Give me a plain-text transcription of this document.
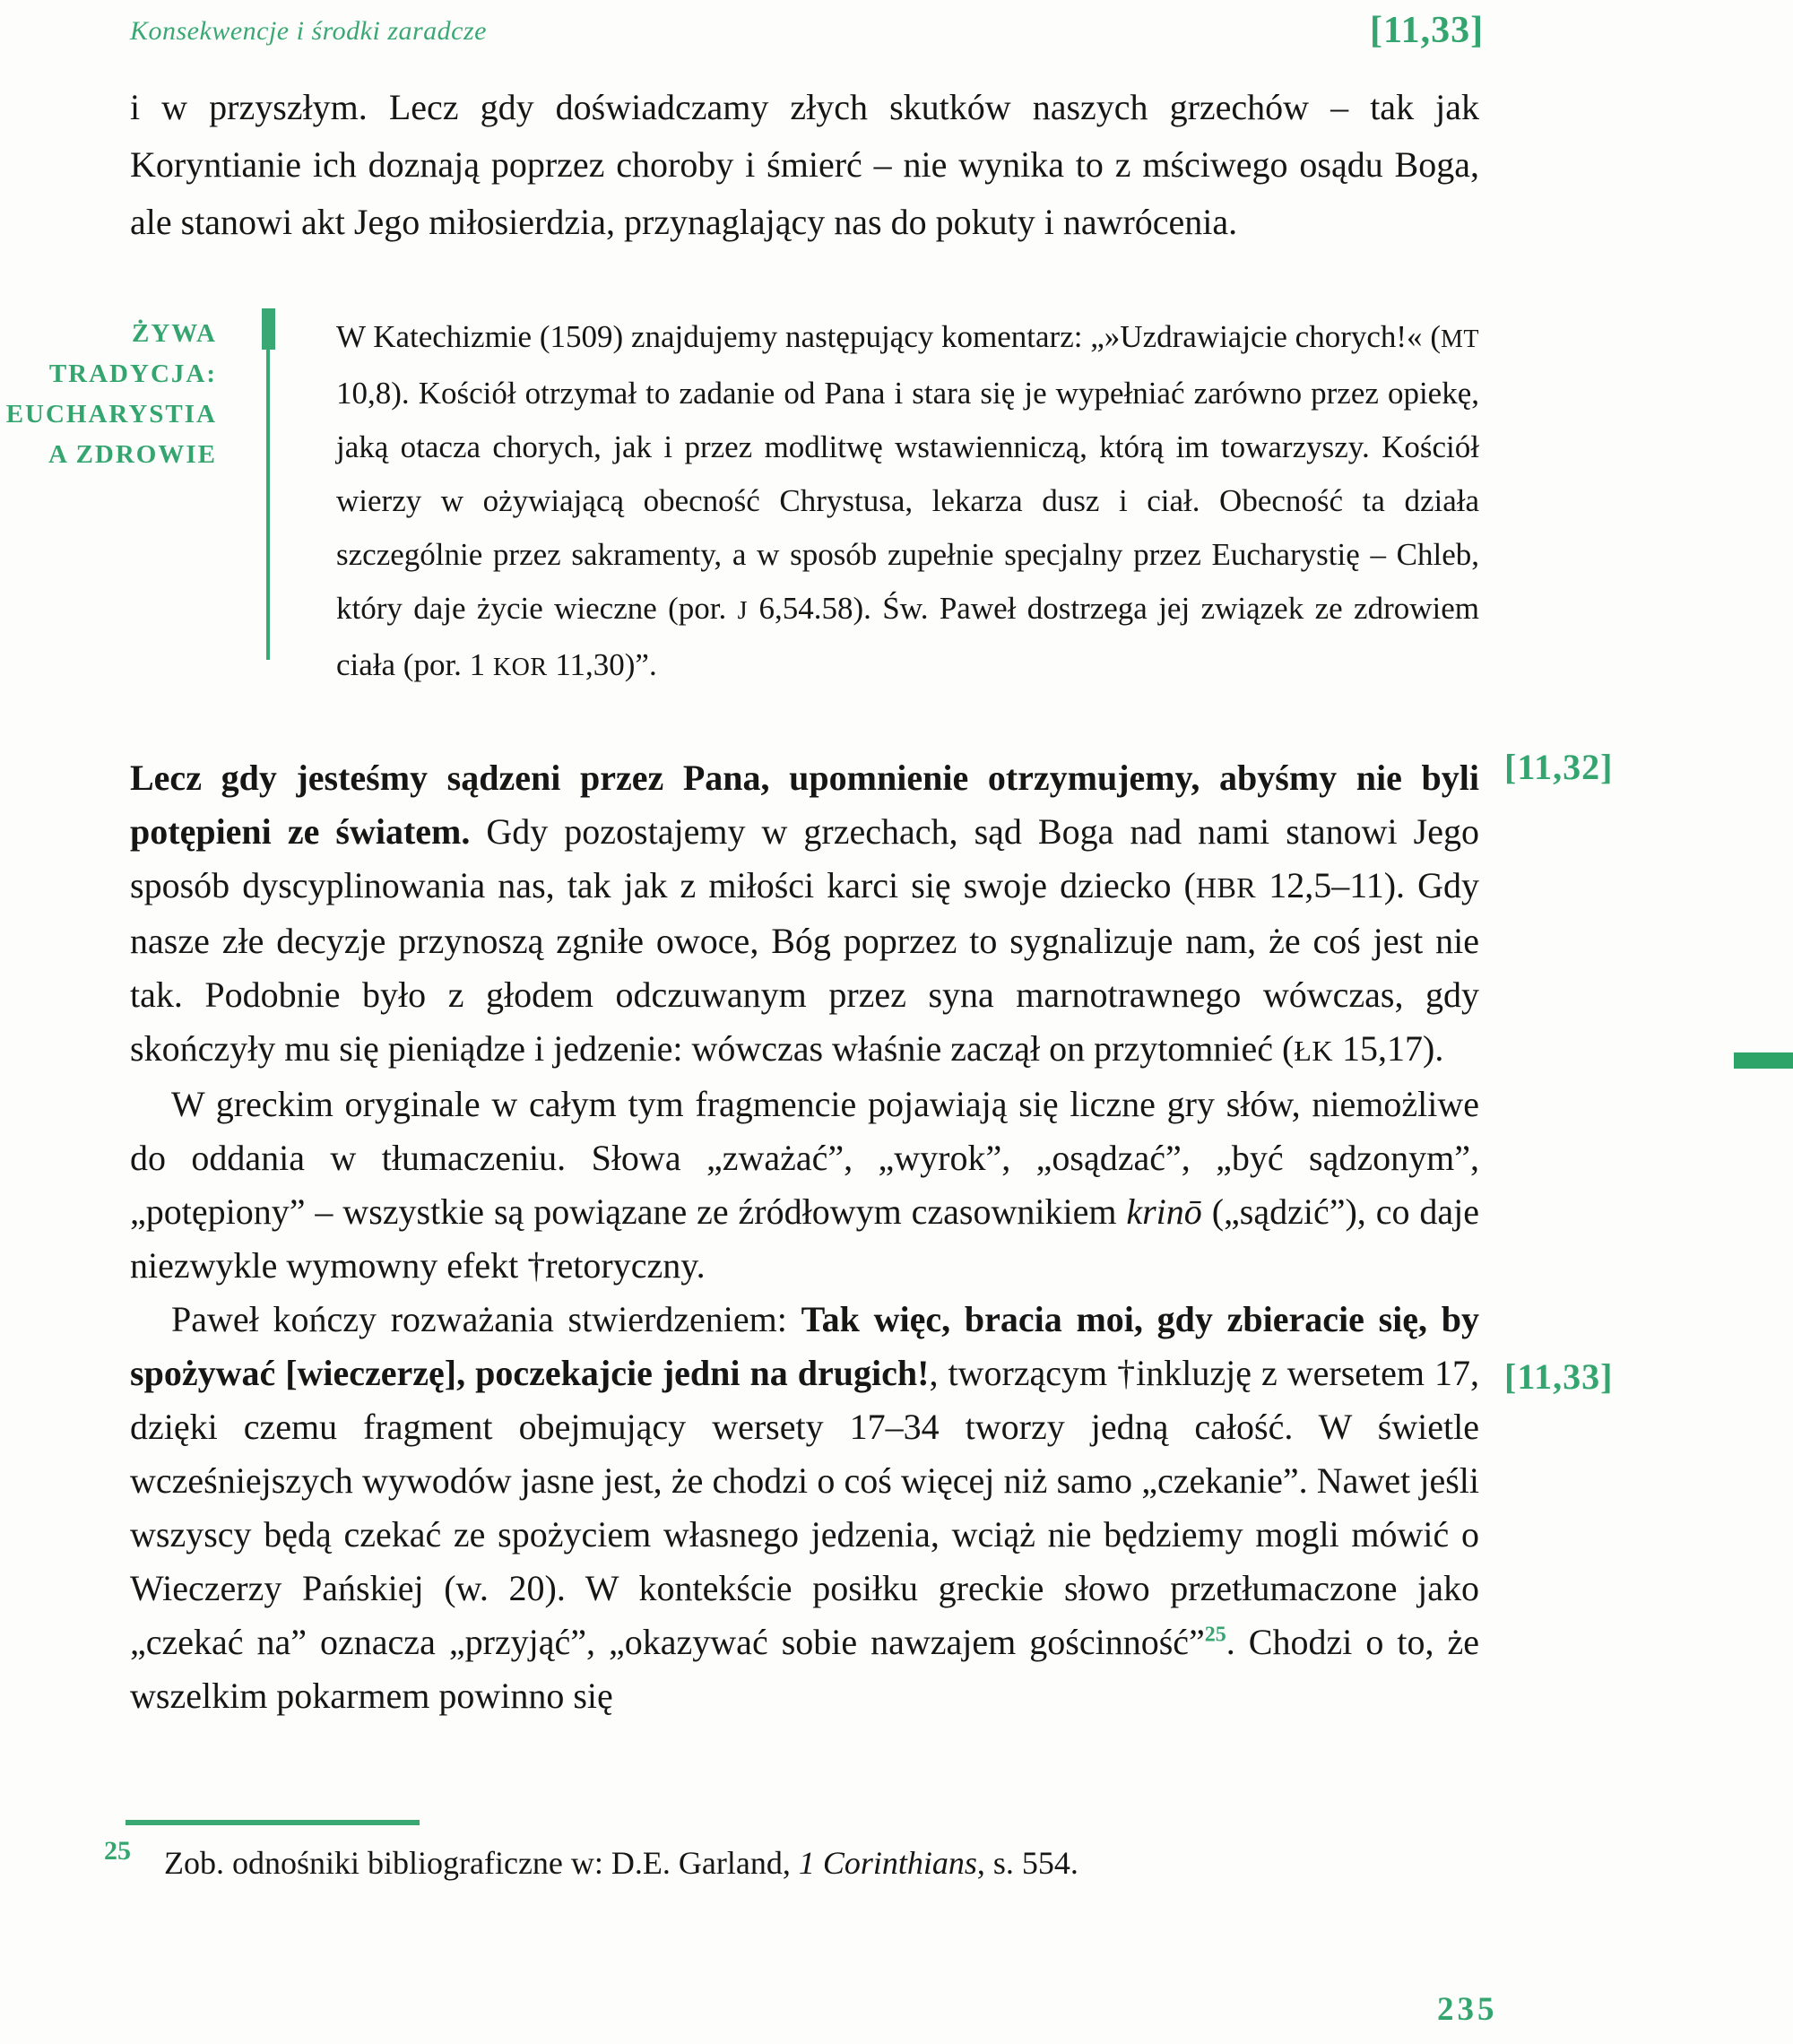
Konsekwencje i środki zaradcze	[11,33]

i w przyszłym. Lecz gdy doświadczamy złych skutków naszych grzechów – tak jak Koryntianie ich doznają poprzez choroby i śmierć – nie wynika to z mściwego osądu Boga, ale stanowi akt Jego miłosierdzia, przynaglający nas do pokuty i nawrócenia.

ŻYWA
TRADYCJA:
EUCHARYSTIA
A ZDROWIE

W Katechizmie (1509) znajdujemy następujący komentarz: „»Uzdrawiajcie chorych!« (MT 10,8). Kościół otrzymał to zadanie od Pana i stara się je wypełniać zarówno przez opiekę, jaką otacza chorych, jak i przez modlitwę wstawienniczą, którą im towarzyszy. Kościół wierzy w ożywiającą obecność Chrystusa, lekarza dusz i ciał. Obecność ta działa szczególnie przez sakramenty, a w sposób zupełnie specjalny przez Eucharystię – Chleb, który daje życie wieczne (por. J 6,54.58). Św. Paweł dostrzega jej związek ze zdrowiem ciała (por. 1 KOR 11,30)”.

Lecz gdy jesteśmy sądzeni przez Pana, upomnienie otrzymujemy, abyśmy nie byli potępieni ze światem. Gdy pozostajemy w grzechach, sąd Boga nad nami stanowi Jego sposób dyscyplinowania nas, tak jak z miłości karci się swoje dziecko (HBR 12,5–11). Gdy nasze złe decyzje przynoszą zgniłe owoce, Bóg poprzez to sygnalizuje nam, że coś jest nie tak. Podobnie było z głodem odczuwanym przez syna marnotrawnego wówczas, gdy skończyły mu się pieniądze i jedzenie: wówczas właśnie zaczął on przytomnieć (ŁK 15,17).

W greckim oryginale w całym tym fragmencie pojawiają się liczne gry słów, niemożliwe do oddania w tłumaczeniu. Słowa „zważać”, „wyrok”, „osądzać”, „być sądzonym”, „potępiony” – wszystkie są powiązane ze źródłowym czasownikiem krinō („sądzić”), co daje niezwykle wymowny efekt †retoryczny.

Paweł kończy rozważania stwierdzeniem: Tak więc, bracia moi, gdy zbieracie się, by spożywać [wieczerzę], poczekajcie jedni na drugich!, tworzącym †inkluzję z wersetem 17, dzięki czemu fragment obejmujący wersety 17–34 tworzy jedną całość. W świetle wcześniejszych wywodów jasne jest, że chodzi o coś więcej niż samo „czekanie”. Nawet jeśli wszyscy będą czekać ze spożyciem własnego jedzenia, wciąż nie będziemy mogli mówić o Wieczerzy Pańskiej (w. 20). W kontekście posiłku greckie słowo przetłumaczone jako „czekać na” oznacza „przyjąć”, „okazywać sobie nawzajem gościnność”$^{25}$. Chodzi o to, że wszelkim pokarmem powinno się

[11,32]
[11,33]
25 Zob. odnośniki bibliograficzne w: D.E. Garland, 1 Corinthians, s. 554.

235
